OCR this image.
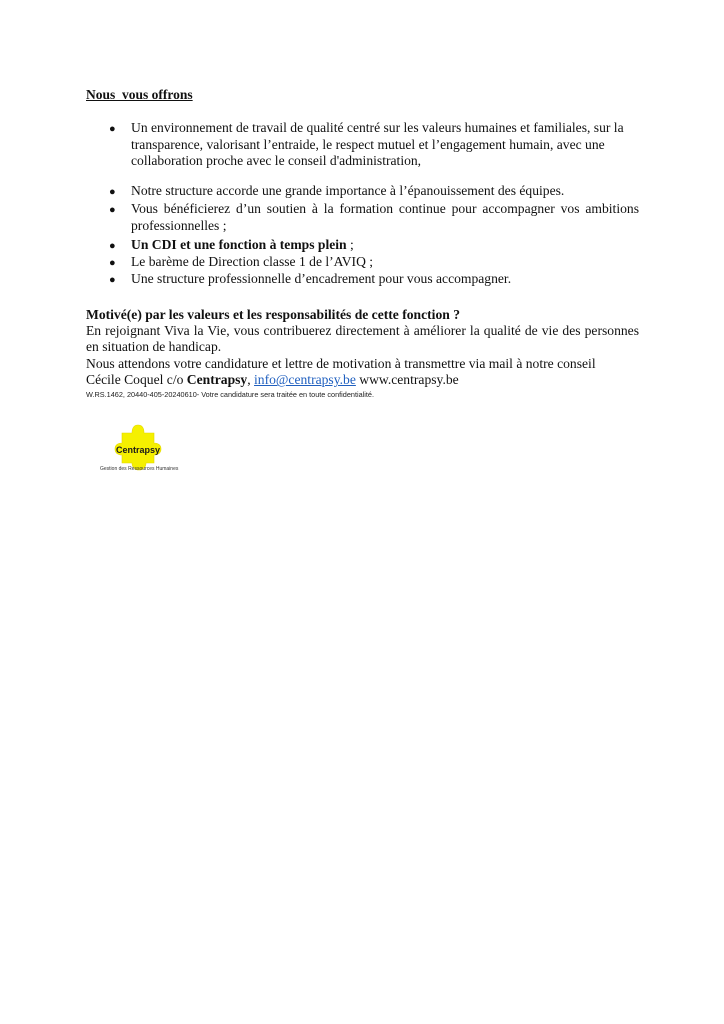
Nous  vous offrons
● Un environnement de travail de qualité centré sur les valeurs humaines et familiales, sur la transparence, valorisant l’entraide, le respect mutuel et l’engagement humain, avec une collaboration proche avec le conseil d'administration,
● Notre structure accorde une grande importance à l’épanouissement des équipes.
● Vous bénéficierez d’un soutien à la formation continue pour accompagner vos ambitions professionnelles ;
● Un CDI et une fonction à temps plein ;
● Le barème de Direction classe 1 de l’AVIQ ;
● Une structure professionnelle d’encadrement pour vous accompagner.
Motivé(e) par les valeurs et les responsabilités de cette fonction ?
En rejoignant Viva la Vie, vous contribuerez directement à améliorer la qualité de vie des personnes en situation de handicap.
Nous attendons votre candidature et lettre de motivation à transmettre via mail à notre conseil
Cécile Coquel c/o Centrapsy, info@centrapsy.be www.centrapsy.be
W.RS.1462, 20440-405-20240610- Votre candidature sera traitée en toute confidentialité.
Centrapsy
Gestion des Ressources Humaines
